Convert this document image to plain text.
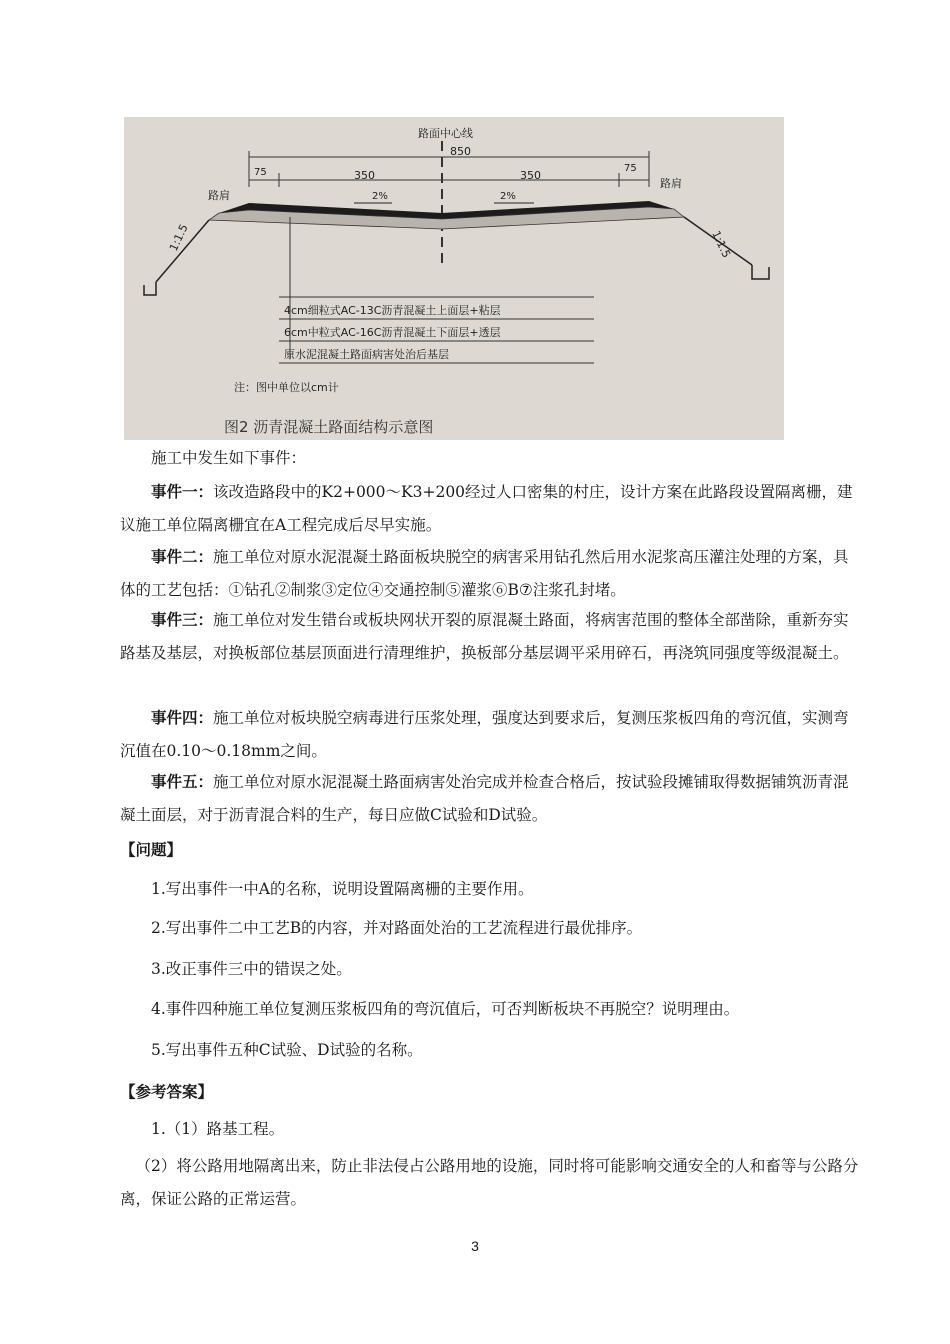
路面中心线
850
75	75
350	350
路肩
路肩
2%	2%
1:1.5	1:1.5
4cm细粒式AC-13C沥青混凝土上面层+粘层
6cm中粒式AC-16C沥青混凝土下面层+透层
原水泥混凝土路面病害处治后基层
注：图中单位以cm计
图2 沥青混凝土路面结构示意图

施工中发生如下事件：

事件一：该改造路段中的K2+000～K3+200经过人口密集的村庄，设计方案在此路段设置隔离栅，建议施工单位隔离栅宜在A工程完成后尽早实施。

事件二：施工单位对原水泥混凝土路面板块脱空的病害采用钻孔然后用水泥浆高压灌注处理的方案，具体的工艺包括：①钻孔②制浆③定位④交通控制⑤灌浆⑥B⑦注浆孔封堵。

事件三：施工单位对发生错台或板块网状开裂的原混凝土路面，将病害范围的整体全部凿除，重新夯实路基及基层，对换板部位基层顶面进行清理维护，换板部分基层调平采用碎石，再浇筑同强度等级混凝土。

事件四：施工单位对板块脱空病毒进行压浆处理，强度达到要求后，复测压浆板四角的弯沉值，实测弯沉值在0.10～0.18mm之间。

事件五：施工单位对原水泥混凝土路面病害处治完成并检查合格后，按试验段摊铺取得数据铺筑沥青混凝土面层，对于沥青混合料的生产，每日应做C试验和D试验。

【问题】

1.写出事件一中A的名称，说明设置隔离栅的主要作用。

2.写出事件二中工艺B的内容，并对路面处治的工艺流程进行最优排序。

3.改正事件三中的错误之处。

4.事件四种施工单位复测压浆板四角的弯沉值后，可否判断板块不再脱空？说明理由。

5.写出事件五种C试验、D试验的名称。

【参考答案】

1.（1）路基工程。

（2）将公路用地隔离出来，防止非法侵占公路用地的设施，同时将可能影响交通安全的人和畜等与公路分离，保证公路的正常运营。

3
